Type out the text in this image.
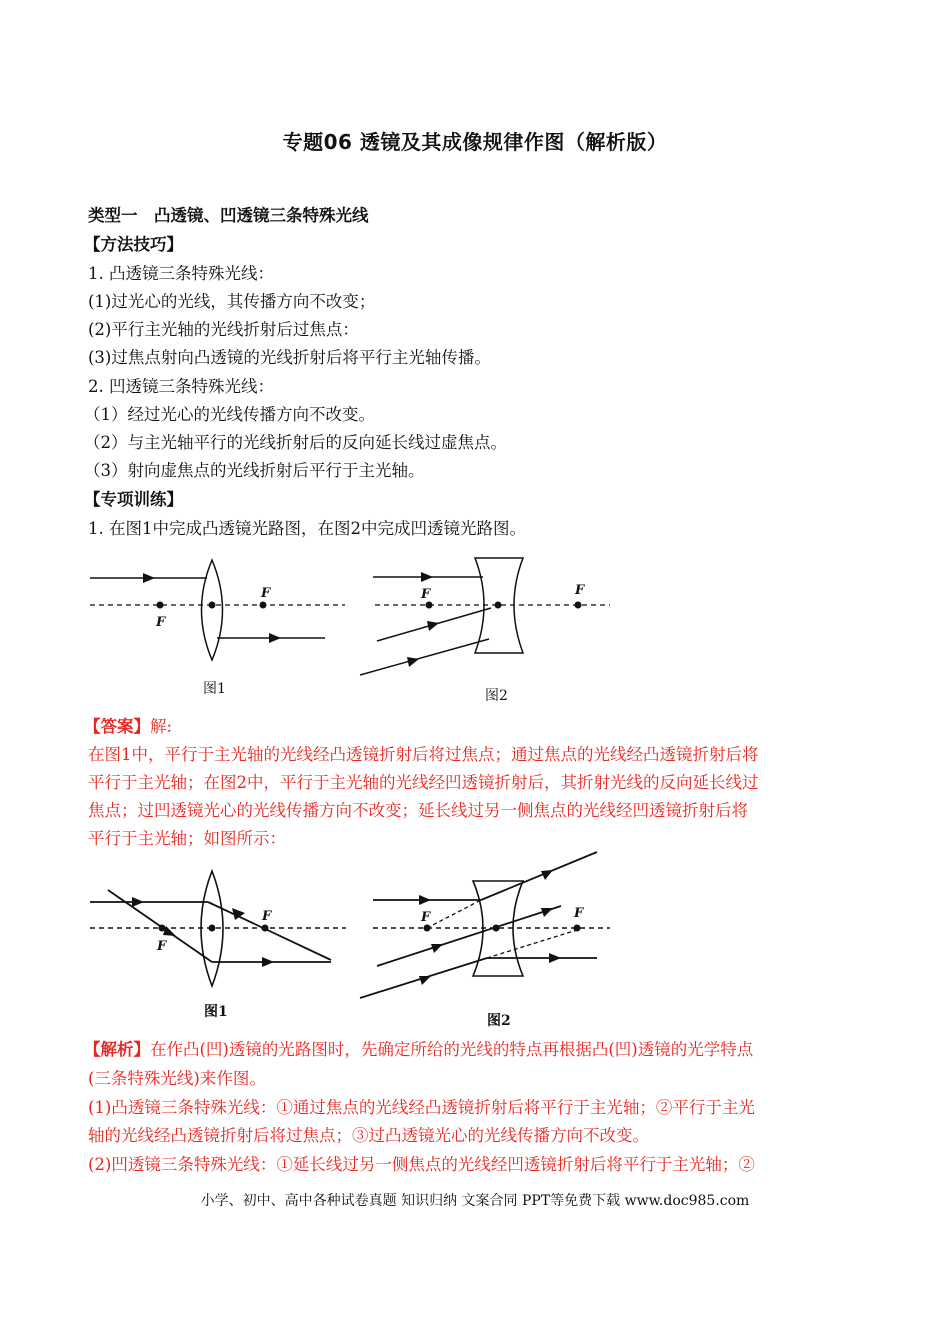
专题06 透镜及其成像规律作图（解析版）
类型一　凸透镜、凹透镜三条特殊光线
【方法技巧】
1. 凸透镜三条特殊光线：
(1)过光心的光线，其传播方向不改变；
(2)平行主光轴的光线折射后过焦点：
(3)过焦点射向凸透镜的光线折射后将平行主光轴传播。
2. 凹透镜三条特殊光线：
（1）经过光心的光线传播方向不改变。
（2）与主光轴平行的光线折射后的反向延长线过虚焦点。
（3）射向虚焦点的光线折射后平行于主光轴。
【专项训练】
1. 在图1中完成凸透镜光路图，在图2中完成凹透镜光路图。
F
F
图1
F	F
图2
【答案】解:
在图1中，平行于主光轴的光线经凸透镜折射后将过焦点；通过焦点的光线经凸透镜折射后将
平行于主光轴；在图2中，平行于主光轴的光线经凹透镜折射后，其折射光线的反向延长线过
焦点；过凹透镜光心的光线传播方向不改变；延长线过另一侧焦点的光线经凹透镜折射后将
平行于主光轴；如图所示：
F
F
图1
F	F
图2
【解析】在作凸(凹)透镜的光路图时，先确定所给的光线的特点再根据凸(凹)透镜的光学特点
(三条特殊光线)来作图。
(1)凸透镜三条特殊光线：①通过焦点的光线经凸透镜折射后将平行于主光轴；②平行于主光
轴的光线经凸透镜折射后将过焦点；③过凸透镜光心的光线传播方向不改变。
(2)凹透镜三条特殊光线：①延长线过另一侧焦点的光线经凹透镜折射后将平行于主光轴；②
小学、初中、高中各种试卷真题 知识归纳 文案合同 PPT等免费下载 www.doc985.com
